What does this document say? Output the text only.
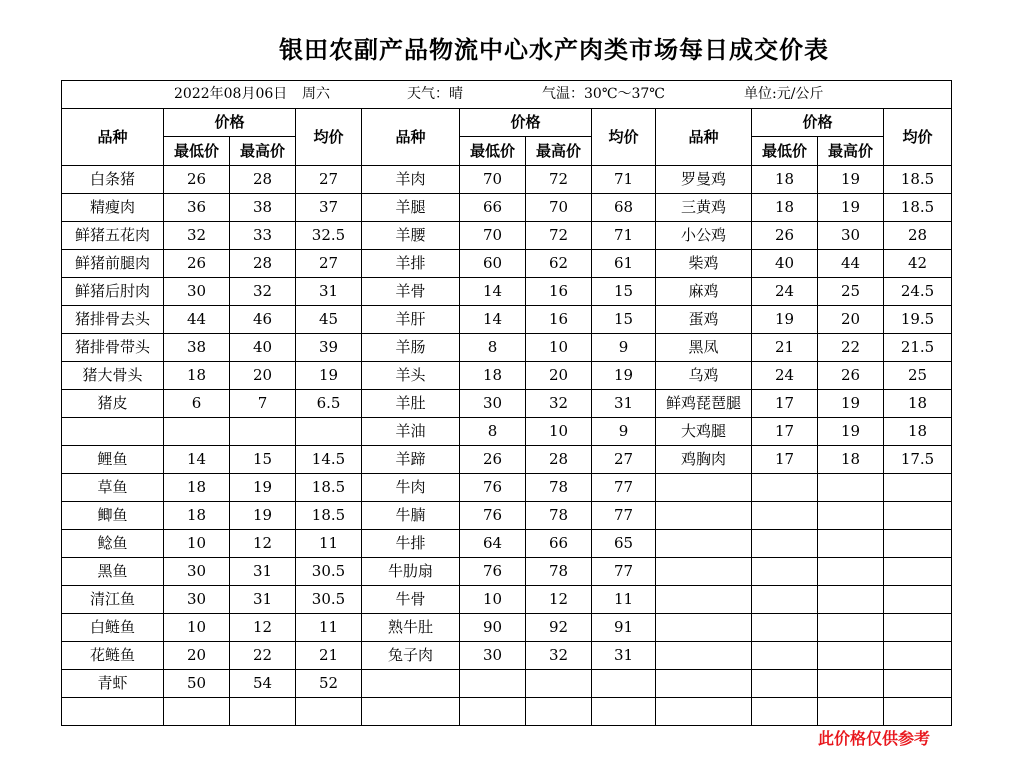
银田农副产品物流中心水产肉类市场每日成交价表
2022年08月06日 周六 天气：晴 气温：30℃～37℃ 单位:元/公斤											

品种	价格		均价	品种	价格		均价	品种	价格		均价
	最低价	最高价			最低价	最高价			最低价	最高价	
白条猪	26	28	27	羊肉	70	72	71	罗曼鸡	18	19	18.5
精瘦肉	36	38	37	羊腿	66	70	68	三黄鸡	18	19	18.5
鲜猪五花肉	32	33	32.5	羊腰	70	72	71	小公鸡	26	30	28
鲜猪前腿肉	26	28	27	羊排	60	62	61	柴鸡	40	44	42
鲜猪后肘肉	30	32	31	羊骨	14	16	15	麻鸡	24	25	24.5
猪排骨去头	44	46	45	羊肝	14	16	15	蛋鸡	19	20	19.5
猪排骨带头	38	40	39	羊肠	8	10	9	黑凤	21	22	21.5
猪大骨头	18	20	19	羊头	18	20	19	乌鸡	24	26	25
猪皮	6	7	6.5	羊肚	30	32	31	鲜鸡琵琶腿	17	19	18
				羊油	8	10	9	大鸡腿	17	19	18
鲤鱼	14	15	14.5	羊蹄	26	28	27	鸡胸肉	17	18	17.5
草鱼	18	19	18.5	牛肉	76	78	77				
鲫鱼	18	19	18.5	牛腩	76	78	77				
鲶鱼	10	12	11	牛排	64	66	65				
黑鱼	30	31	30.5	牛肋扇	76	78	77				
清江鱼	30	31	30.5	牛骨	10	12	11				
白鲢鱼	10	12	11	熟牛肚	90	92	91				
花鲢鱼	20	22	21	兔子肉	30	32	31				
青虾	50	54	52								

此价格仅供参考
